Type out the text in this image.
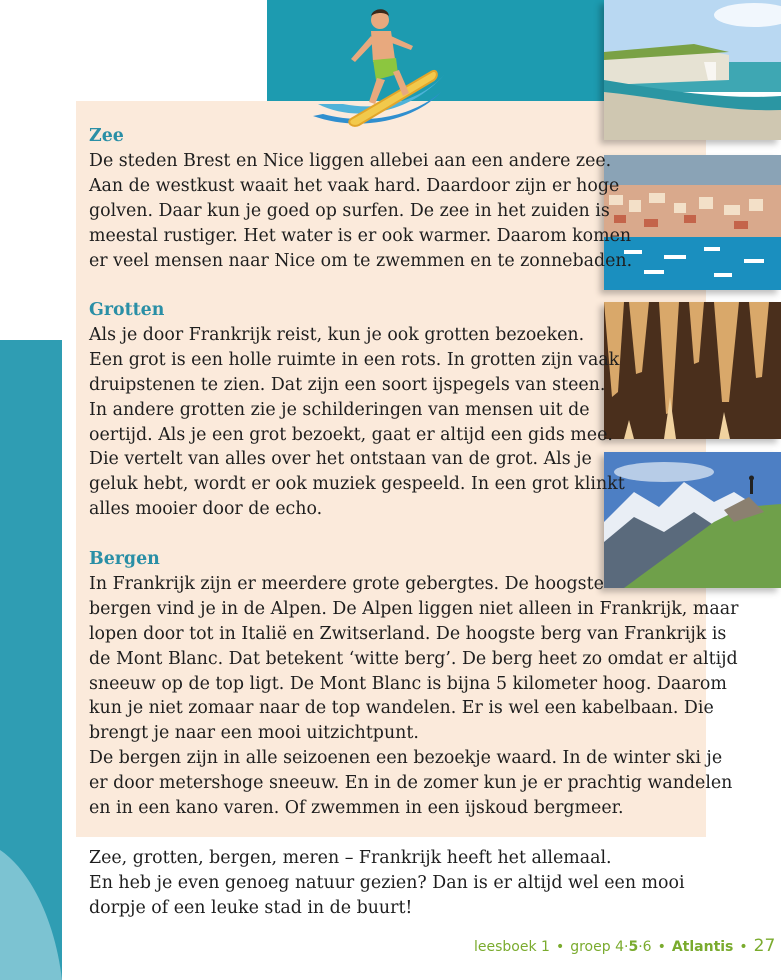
Zee
De steden Brest en Nice liggen allebei aan een andere zee.
Aan de westkust waait het vaak hard. Daardoor zijn er hoge
golven. Daar kun je goed op surfen. De zee in het zuiden is
meestal rustiger. Het water is er ook warmer. Daarom komen
er veel mensen naar Nice om te zwemmen en te zonnebaden.
Grotten
Als je door Frankrijk reist, kun je ook grotten bezoeken.
Een grot is een holle ruimte in een rots. In grotten zijn vaak
druipstenen te zien. Dat zijn een soort ijspegels van steen.
In andere grotten zie je schilderingen van mensen uit de
oertijd. Als je een grot bezoekt, gaat er altijd een gids mee.
Die vertelt van alles over het ontstaan van de grot. Als je
geluk hebt, wordt er ook muziek gespeeld. In een grot klinkt
alles mooier door de echo.
Bergen
In Frankrijk zijn er meerdere grote gebergtes. De hoogste
bergen vind je in de Alpen. De Alpen liggen niet alleen in Frankrijk, maar
lopen door tot in Italië en Zwitserland. De hoogste berg van Frankrijk is
de Mont Blanc. Dat betekent ‘witte berg’. De berg heet zo omdat er altijd
sneeuw op de top ligt. De Mont Blanc is bijna 5 kilometer hoog. Daarom
kun je niet zomaar naar de top wandelen. Er is wel een kabelbaan. Die
brengt je naar een mooi uitzichtpunt.
De bergen zijn in alle seizoenen een bezoekje waard. In de winter ski je
er door metershoge sneeuw. En in de zomer kun je er prachtig wandelen
en in een kano varen. Of zwemmen in een ijskoud bergmeer.
Zee, grotten, bergen, meren – Frankrijk heeft het allemaal.
En heb je even genoeg natuur gezien? Dan is er altijd wel een mooi
dorpje of een leuke stad in de buurt!
leesboek 1 • groep 4·5·6 • Atlantis • 27
